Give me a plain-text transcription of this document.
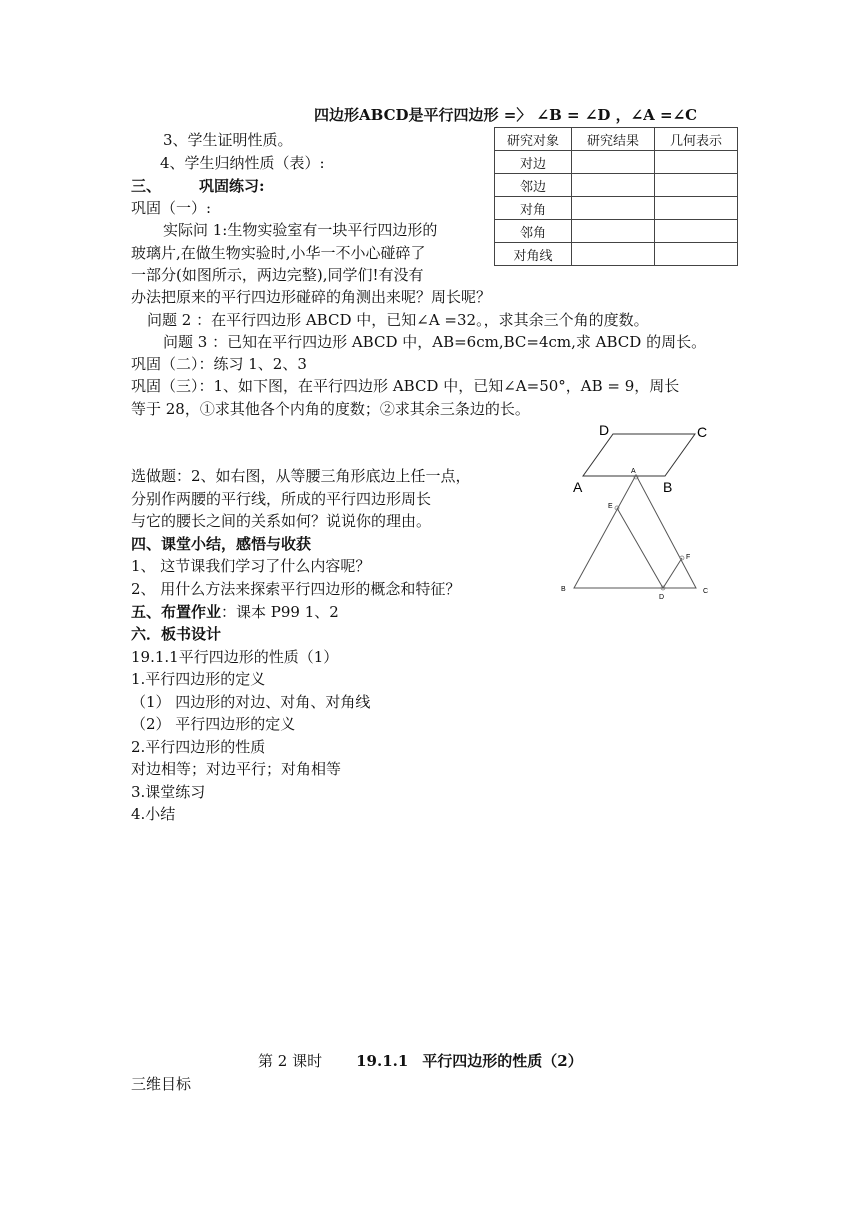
四边形ABCD是平行四边形 =〉 ∠B = ∠D ，∠A =∠C
3、学生证明性质。
4、学生归纳性质（表）:
研究对象	研究结果	几何表示
对边		
邻边		
对角		
邻角		
对角线		
三、	巩固练习:
巩固（一）:
实际问 1:生物实验室有一块平行四边形的
玻璃片,在做生物实验时,小华一不小心碰碎了
一部分(如图所示，两边完整),同学们!有没有
办法把原来的平行四边形碰碎的角测出来呢？周长呢？
问题 2 ：在平行四边形 ABCD 中，已知∠A =32。，求其余三个角的度数。
问题 3 ：已知在平行四边形 ABCD 中，AB=6cm,BC=4cm,求 ABCD 的周长。
巩固（二）：练习 1、2、3
巩固（三）：1、如下图，在平行四边形 ABCD 中，已知∠A=50°，AB = 9，周长
等于 28，①求其他各个内角的度数；②求其余三条边的长。
D	C
A	B
选做题：2、如右图，从等腰三角形底边上任一点，
分别作两腰的平行线，所成的平行四边形周长
与它的腰长之间的关系如何？说说你的理由。
A
E
F
B
D
C
四、课堂小结，感悟与收获
1、 这节课我们学习了什么内容呢？
2、 用什么方法来探索平行四边形的概念和特征？
五、布置作业：课本 P99 1、2
六．板书设计
19.1.1平行四边形的性质（1）
1.平行四边形的定义
（1） 四边形的对边、对角、对角线
（2） 平行四边形的定义
2.平行四边形的性质
对边相等；对边平行；对角相等
3.课堂练习
4.小结
第 2 课时 19.1.1 平行四边形的性质（2）
三维目标
